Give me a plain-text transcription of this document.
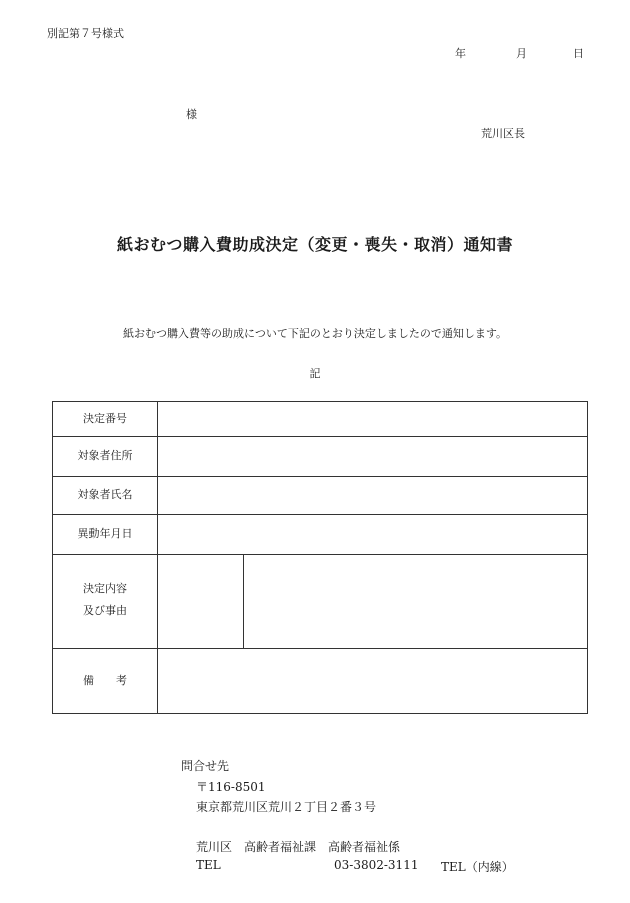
別記第７号様式
年	月	日
様
荒川区長
紙おむつ購入費助成決定（変更・喪失・取消）通知書
紙おむつ購入費等の助成について下記のとおり決定しましたので通知します。
記
決定番号
対象者住所
対象者氏名
異動年月日
決定内容
及び事由
備　　考
問合せ先
〒116-8501
東京都荒川区荒川２丁目２番３号
荒川区　高齢者福祉課　高齢者福祉係
TEL	03-3802-3111 TEL（内線）
